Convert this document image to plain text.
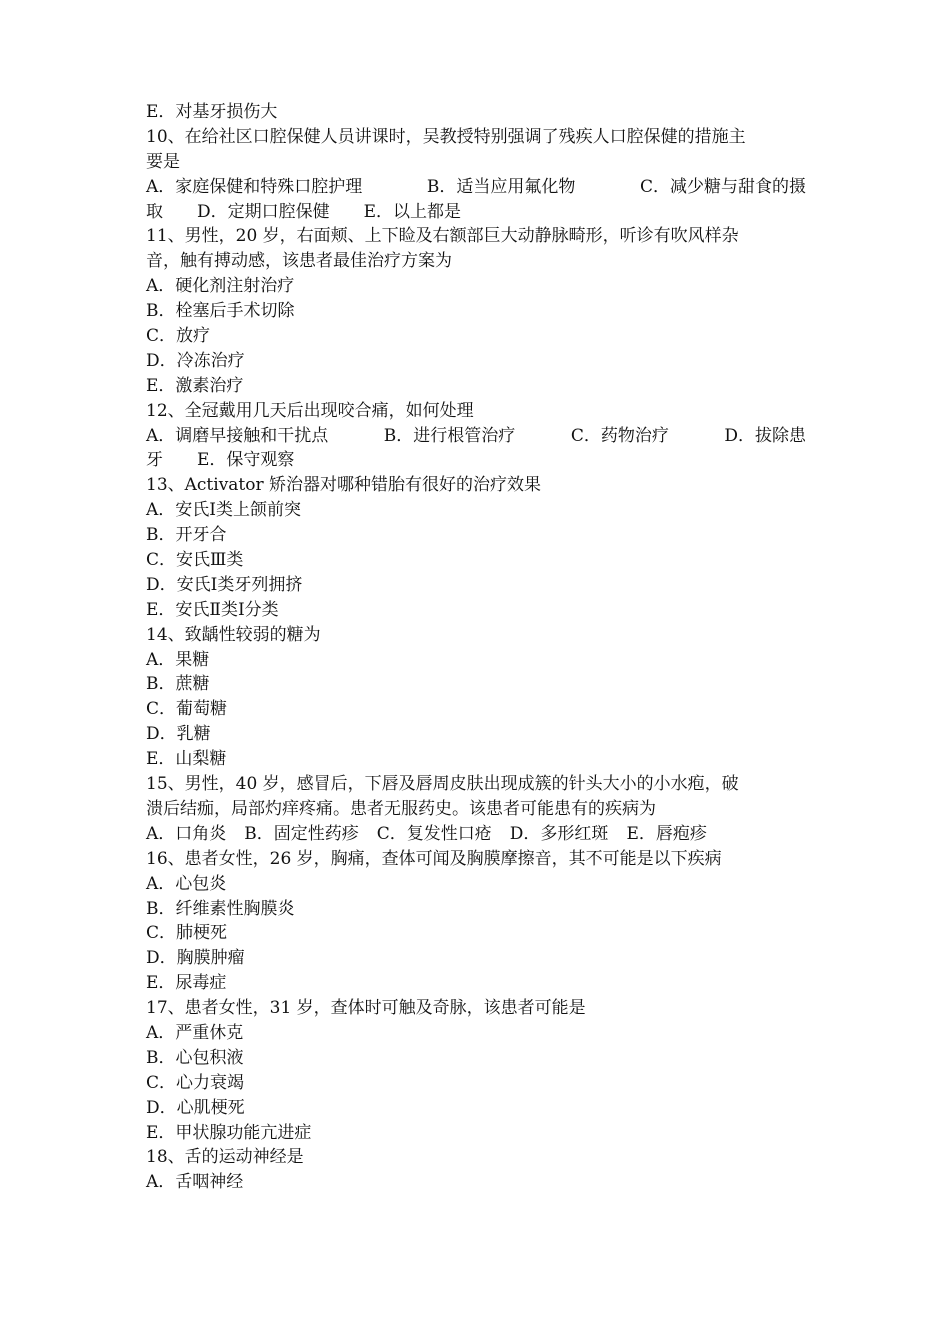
E．对基牙损伤大
10、在给社区口腔保健人员讲课时，吴教授特别强调了残疾人口腔保健的措施主
要是
A．家庭保健和特殊口腔护理	B．适当应用氟化物	C．减少糖与甜食的摄
取 D．定期口腔保健 E．以上都是
11、男性，20 岁，右面颊、上下睑及右额部巨大动静脉畸形，听诊有吹风样杂
音，触有搏动感，该患者最佳治疗方案为
A．硬化剂注射治疗
B．栓塞后手术切除
C．放疗
D．冷冻治疗
E．激素治疗
12、全冠戴用几天后出现咬合痛，如何处理
A．调磨早接触和干扰点	B．进行根管治疗	C．药物治疗	D．拔除患
牙 E．保守观察
13、Activator 矫治器对哪种错胎有很好的治疗效果
A．安氏Ⅰ类上颌前突
B．开牙合
C．安氏Ⅲ类
D．安氏Ⅰ类牙列拥挤
E．安氏Ⅱ类Ⅰ分类
14、致龋性较弱的糖为
A．果糖
B．蔗糖
C．葡萄糖
D．乳糖
E．山梨糖
15、男性，40 岁，感冒后，下唇及唇周皮肤出现成簇的针头大小的小水疱，破
溃后结痂，局部灼痒疼痛。患者无服药史。该患者可能患有的疾病为
A．口角炎 B．固定性药疹 C．复发性口疮 D．多形红斑 E．唇疱疹
16、患者女性，26 岁，胸痛，查体可闻及胸膜摩擦音，其不可能是以下疾病
A．心包炎
B．纤维素性胸膜炎
C．肺梗死
D．胸膜肿瘤
E．尿毒症
17、患者女性，31 岁，查体时可触及奇脉，该患者可能是
A．严重休克
B．心包积液
C．心力衰竭
D．心肌梗死
E．甲状腺功能亢进症
18、舌的运动神经是
A．舌咽神经
